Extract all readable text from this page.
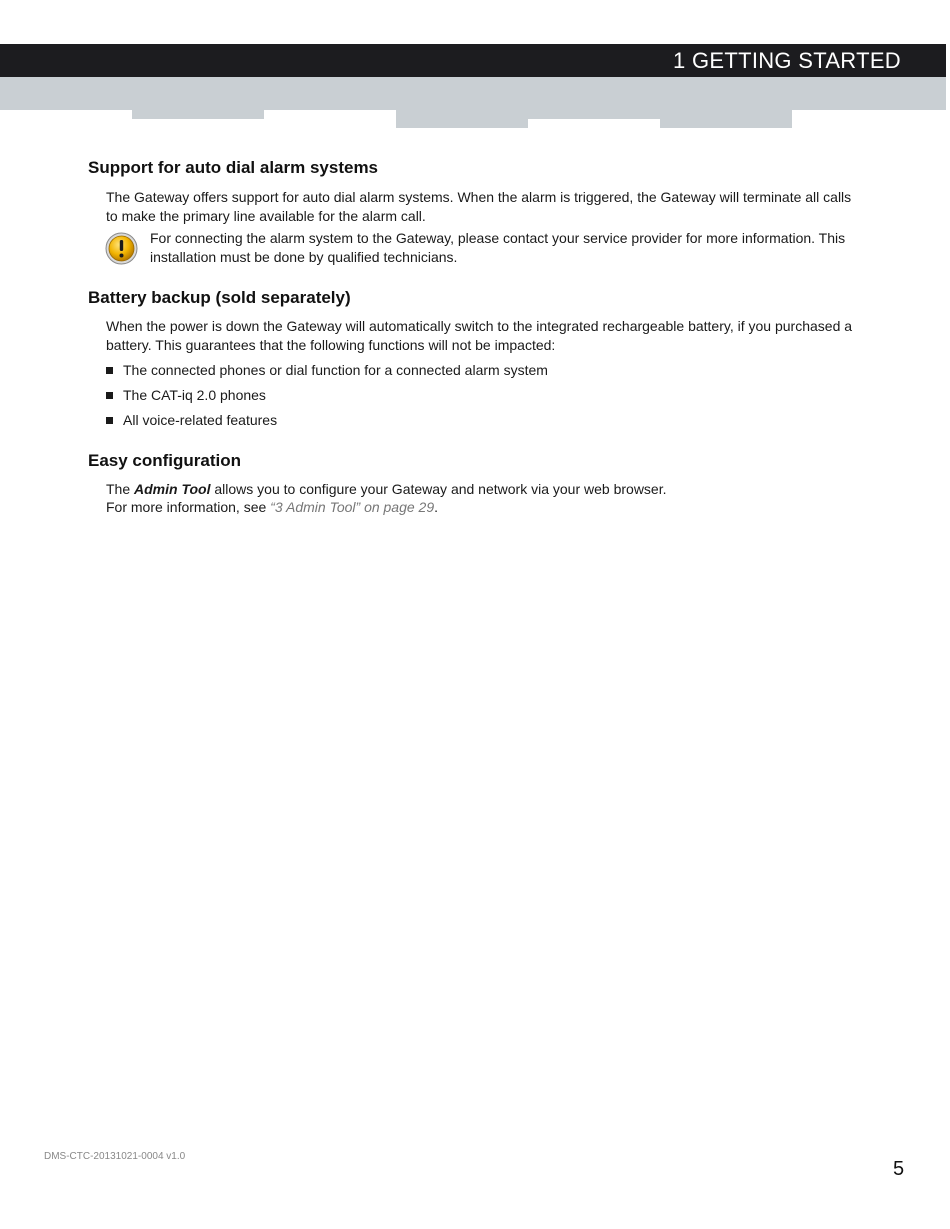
1 GETTING STARTED
Support for auto dial alarm systems

The Gateway offers support for auto dial alarm systems. When the alarm is triggered, the Gateway will terminate all calls to make the primary line available for the alarm call.

For connecting the alarm system to the Gateway, please contact your service provider for more information. This installation must be done by qualified technicians.

Battery backup (sold separately)

When the power is down the Gateway will automatically switch to the integrated rechargeable battery, if you purchased a battery. This guarantees that the following functions will not be impacted:

The connected phones or dial function for a connected alarm system
The CAT-iq 2.0 phones
All voice-related features
Easy configuration

The Admin Tool allows you to configure your Gateway and network via your web browser.

For more information, see “3 Admin Tool” on page 29.

DMS-CTC-20131021-0004 v1.0
5
